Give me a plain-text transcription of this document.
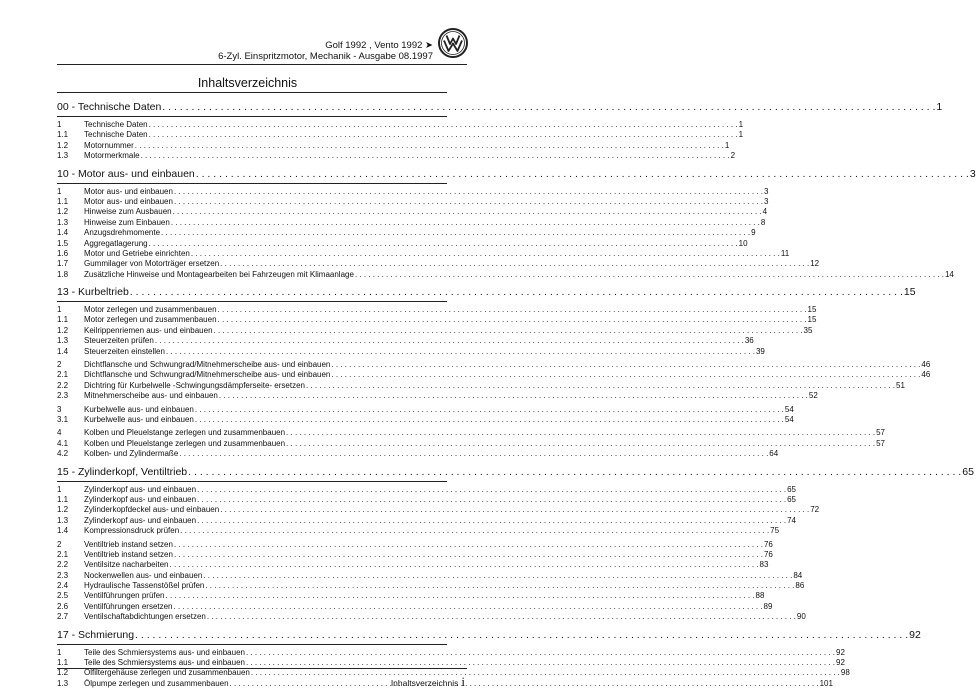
Golf 1992 , Vento 1992 ➤
6-Zyl. Einspritzmotor, Mechanik - Ausgabe 08.1997
Inhaltsverzeichnis
00 - Technische Daten . . .	1
1	Technische Daten . . .	1
1.1	Technische Daten . . .	1
1.2	Motornummer . . .	1
1.3	Motormerkmale . . .	2
10 - Motor aus- und einbauen . . .	3
1	Motor aus- und einbauen . . .	3
1.1	Motor aus- und einbauen . . .	3
1.2	Hinweise zum Ausbauen . . .	4
1.3	Hinweise zum Einbauen . . .	8
1.4	Anzugsdrehmomente . . .	9
1.5	Aggregatlagerung . . .	10
1.6	Motor und Getriebe einrichten . . .	11
1.7	Gummilager von Motorträger ersetzen . . .	12
1.8	Zusätzliche Hinweise und Montagearbeiten bei Fahrzeugen mit Klimaanlage . . .	14
13 - Kurbeltrieb . . .	15
1	Motor zerlegen und zusammenbauen . . .	15
1.1	Motor zerlegen und zusammenbauen . . .	15
1.2	Keilrippenriemen aus- und einbauen . . .	35
1.3	Steuerzeiten prüfen . . .	36
1.4	Steuerzeiten einstellen . . .	39
2	Dichtflansche und Schwungrad/Mitnehmerscheibe aus- und einbauen . . .	46
2.1	Dichtflansche und Schwungrad/Mitnehmerscheibe aus- und einbauen . . .	46
2.2	Dichtring für Kurbelwelle -Schwingungsdämpferseite- ersetzen . . .	51
2.3	Mitnehmerscheibe aus- und einbauen . . .	52
3	Kurbelwelle aus- und einbauen . . .	54
3.1	Kurbelwelle aus- und einbauen . . .	54
4	Kolben und Pleuelstange zerlegen und zusammenbauen . . .	57
4.1	Kolben und Pleuelstange zerlegen und zusammenbauen . . .	57
4.2	Kolben- und Zylindermaße . . .	64
15 - Zylinderkopf, Ventiltrieb . . .	65
1	Zylinderkopf aus- und einbauen . . .	65
1.1	Zylinderkopf aus- und einbauen . . .	65
1.2	Zylinderkopfdeckel aus- und einbauen . . .	72
1.3	Zylinderkopf aus- und einbauen . . .	74
1.4	Kompressionsdruck prüfen . . .	75
2	Ventiltrieb instand setzen . . .	76
2.1	Ventiltrieb instand setzen . . .	76
2.2	Ventilsitze nacharbeiten . . .	83
2.3	Nockenwellen aus- und einbauen . . .	84
2.4	Hydraulische Tassenstößel prüfen . . .	86
2.5	Ventilführungen prüfen . . .	88
2.6	Ventilführungen ersetzen . . .	89
2.7	Ventilschaftabdichtungen ersetzen . . .	90
17 - Schmierung . . .	92
1	Teile des Schmiersystems aus- und einbauen . . .	92
1.1	Teile des Schmiersystems aus- und einbauen . . .	92
1.2	Ölfiltergehäuse zerlegen und zusammenbauen . . .	98
1.3	Ölpumpe zerlegen und zusammenbauen . . .	101
Inhaltsverzeichnis i
